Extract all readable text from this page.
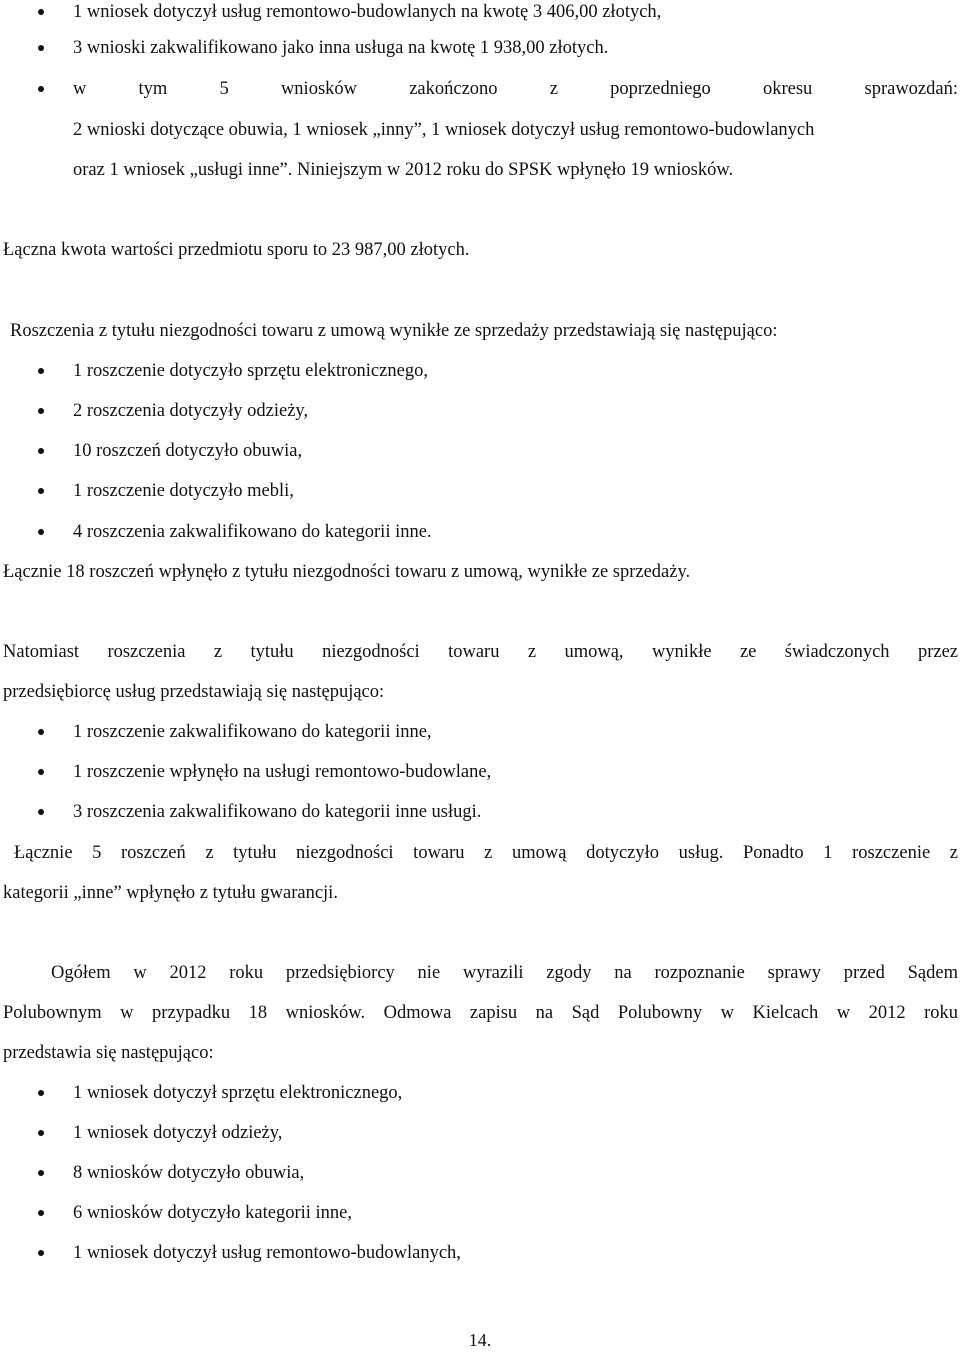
1 wniosek dotyczył usług remontowo-budowlanych na kwotę 3 406,00 złotych,
3 wnioski zakwalifikowano jako inna usługa na kwotę 1 938,00 złotych.
w tym 5 wniosków zakończono z poprzedniego okresu sprawozdań:
2 wnioski dotyczące obuwia, 1 wniosek „inny”, 1 wniosek dotyczył usług remontowo-budowlanych
oraz 1 wniosek „usługi inne”. Niniejszym w 2012 roku do SPSK wpłynęło 19 wniosków.
Łączna kwota wartości przedmiotu sporu to 23 987,00 złotych.
Roszczenia z tytułu niezgodności towaru z umową wynikłe ze sprzedaży przedstawiają się następująco:
1 roszczenie dotyczyło sprzętu elektronicznego,
2 roszczenia dotyczyły odzieży,
10 roszczeń dotyczyło obuwia,
1 roszczenie dotyczyło mebli,
4 roszczenia zakwalifikowano do kategorii inne.
Łącznie 18 roszczeń wpłynęło z tytułu niezgodności towaru z umową, wynikłe ze sprzedaży.
Natomiast roszczenia z tytułu niezgodności towaru z umową, wynikłe ze świadczonych przez
przedsiębiorcę usług przedstawiają się następująco:
1 roszczenie zakwalifikowano do kategorii inne,
1 roszczenie wpłynęło na usługi remontowo-budowlane,
3 roszczenia zakwalifikowano do kategorii inne usługi.
Łącznie 5 roszczeń z tytułu niezgodności towaru z umową dotyczyło usług. Ponadto 1 roszczenie z
kategorii „inne” wpłynęło z tytułu gwarancji.
Ogółem w 2012 roku przedsiębiorcy nie wyrazili zgody na rozpoznanie sprawy przed Sądem
Polubownym w przypadku 18 wniosków. Odmowa zapisu na Sąd Polubowny w Kielcach w 2012 roku
przedstawia się następująco:
1 wniosek dotyczył sprzętu elektronicznego,
1 wniosek dotyczył odzieży,
8 wniosków dotyczyło obuwia,
6 wniosków dotyczyło kategorii inne,
1 wniosek dotyczył usług remontowo-budowlanych,
14.
